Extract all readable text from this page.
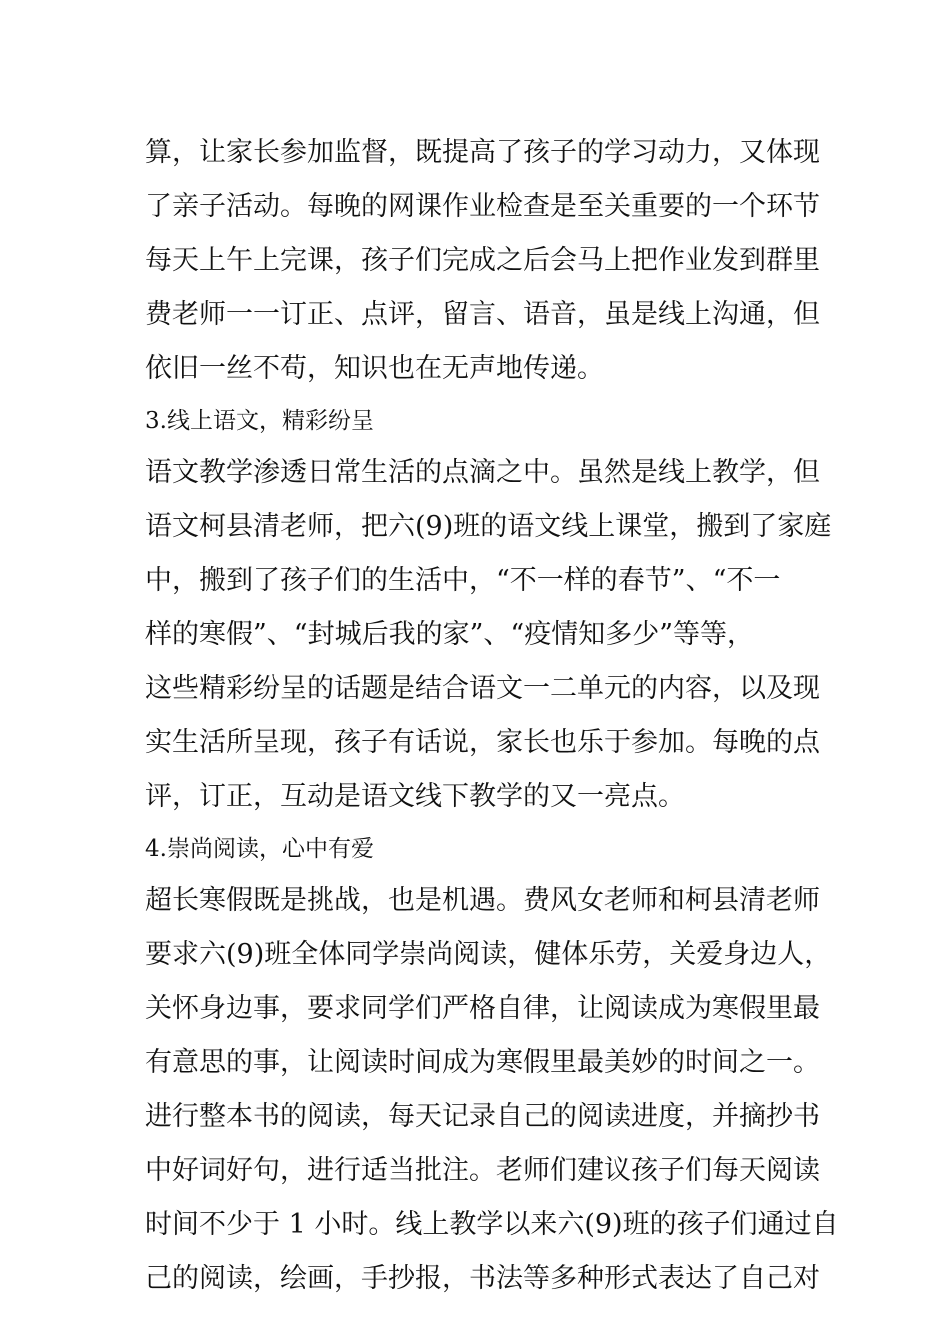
算，让家长参加监督，既提高了孩子的学习动力，又体现
了亲子活动。每晚的网课作业检查是至关重要的一个环节
每天上午上完课，孩子们完成之后会马上把作业发到群里
费老师一一订正、点评，留言、语音，虽是线上沟通，但
依旧一丝不苟，知识也在无声地传递。
3.线上语文，精彩纷呈
语文教学渗透日常生活的点滴之中。虽然是线上教学，但
语文柯县清老师，把六(9)班的语文线上课堂，搬到了家庭
中，搬到了孩子们的生活中，“不一样的春节”、“不一
样的寒假”、“封城后我的家”、“疫情知多少”等等，
这些精彩纷呈的话题是结合语文一二单元的内容，以及现
实生活所呈现，孩子有话说，家长也乐于参加。每晚的点
评，订正，互动是语文线下教学的又一亮点。
4.崇尚阅读，心中有爱
超长寒假既是挑战，也是机遇。费风女老师和柯县清老师
要求六(9)班全体同学崇尚阅读，健体乐劳，关爱身边人，
关怀身边事，要求同学们严格自律，让阅读成为寒假里最
有意思的事，让阅读时间成为寒假里最美妙的时间之一。
进行整本书的阅读，每天记录自己的阅读进度，并摘抄书
中好词好句，进行适当批注。老师们建议孩子们每天阅读
时间不少于 1 小时。线上教学以来六(9)班的孩子们通过自
己的阅读，绘画，手抄报，书法等多种形式表达了自己对
